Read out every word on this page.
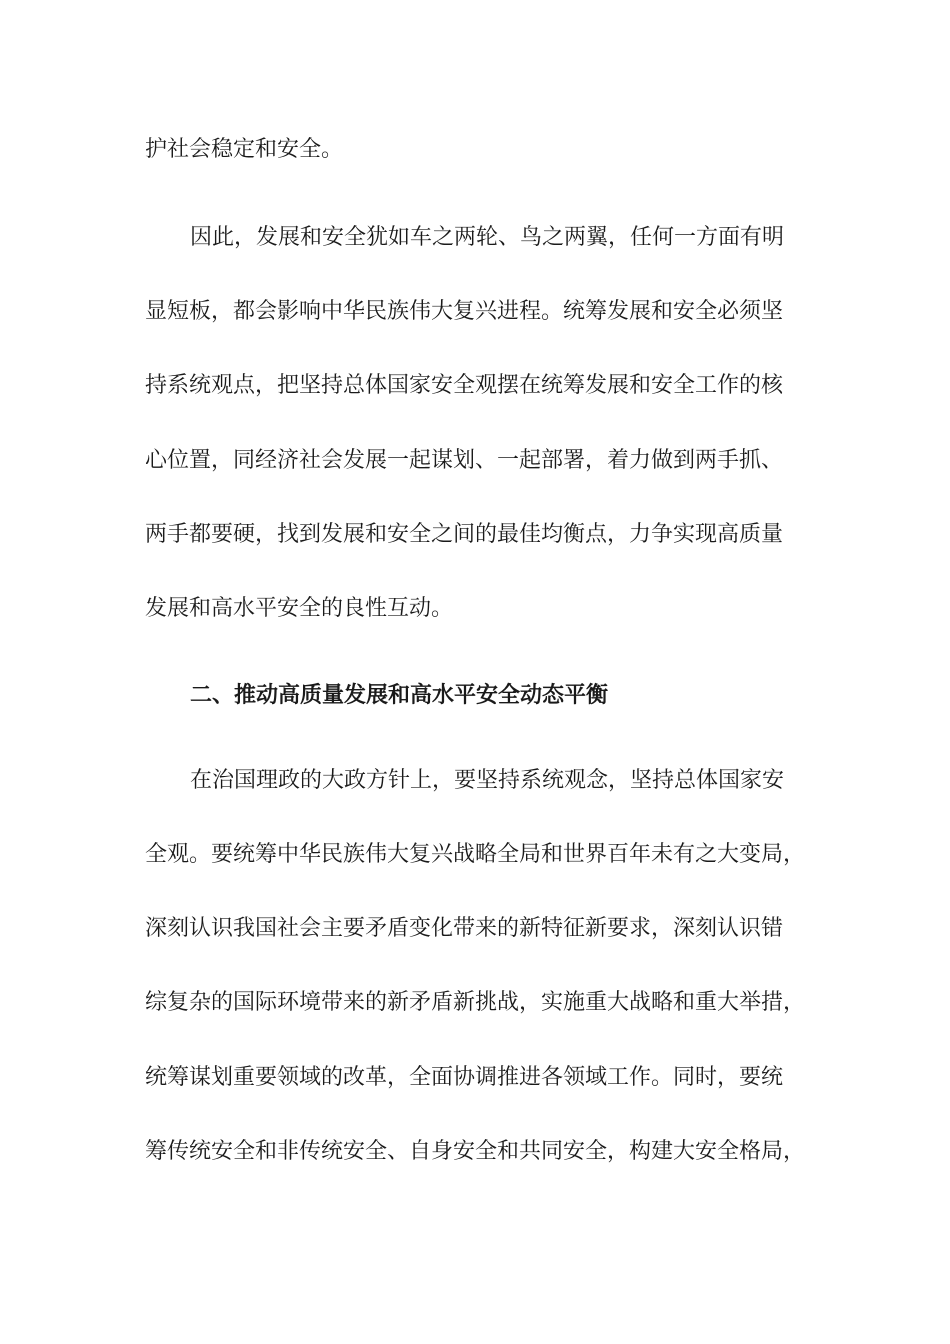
护社会稳定和安全。
因此，发展和安全犹如车之两轮、鸟之两翼，任何一方面有明
显短板，都会影响中华民族伟大复兴进程。统筹发展和安全必须坚
持系统观点，把坚持总体国家安全观摆在统筹发展和安全工作的核
心位置，同经济社会发展一起谋划、一起部署，着力做到两手抓、
两手都要硬，找到发展和安全之间的最佳均衡点，力争实现高质量
发展和高水平安全的良性互动。
二、推动高质量发展和高水平安全动态平衡
在治国理政的大政方针上，要坚持系统观念，坚持总体国家安
全观。要统筹中华民族伟大复兴战略全局和世界百年未有之大变局，
深刻认识我国社会主要矛盾变化带来的新特征新要求，深刻认识错
综复杂的国际环境带来的新矛盾新挑战，实施重大战略和重大举措，
统筹谋划重要领域的改革，全面协调推进各领域工作。同时，要统
筹传统安全和非传统安全、自身安全和共同安全，构建大安全格局，
